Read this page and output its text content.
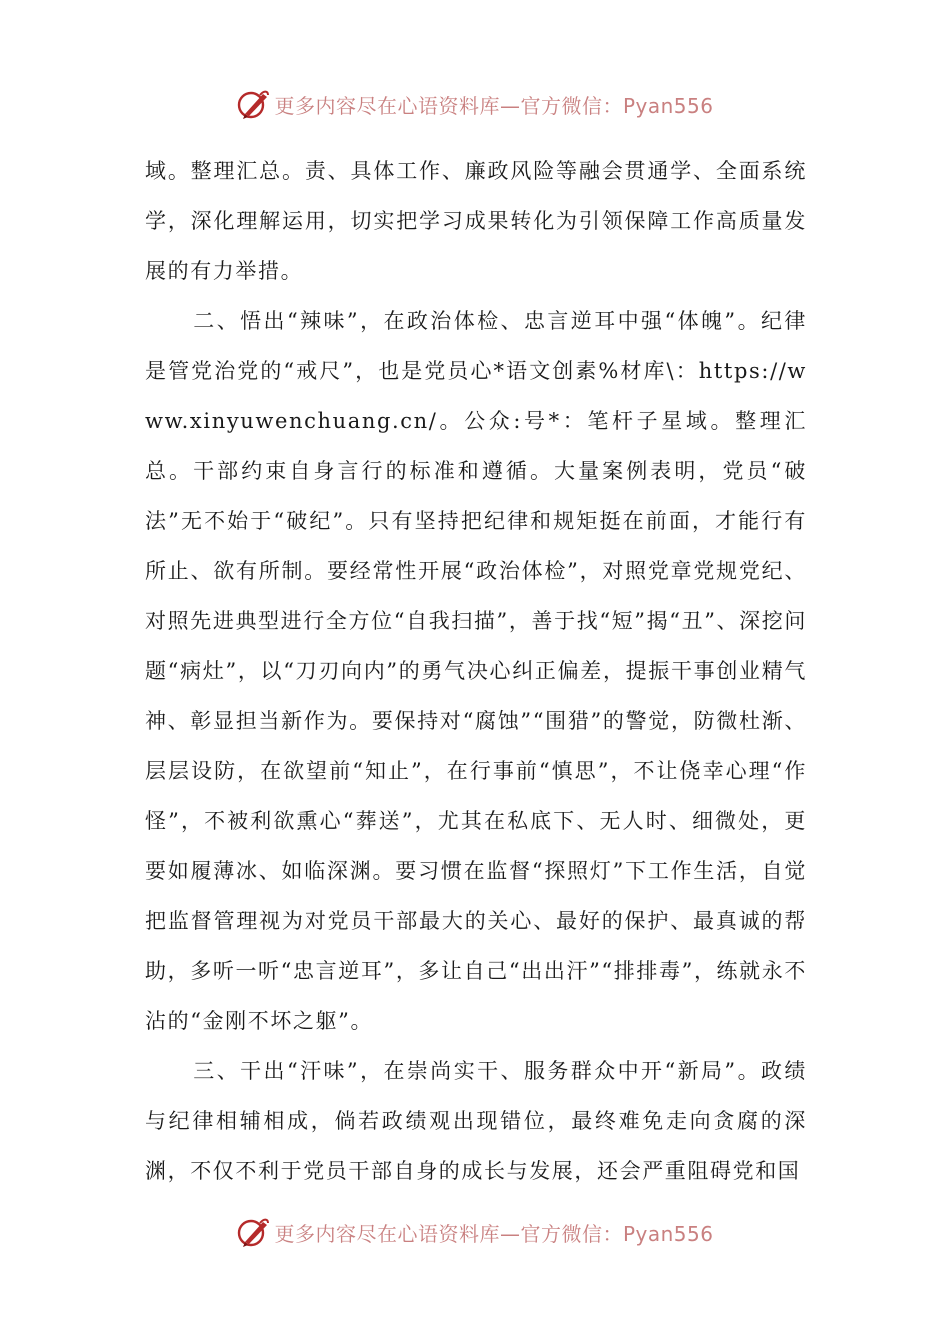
更多内容尽在心语资料库—官方微信：Pyan556

域。整理汇总。责、具体工作、廉政风险等融会贯通学、全面系统学，深化理解运用，切实把学习成果转化为引领保障工作高质量发展的有力举措。

二、悟出“辣味”，在政治体检、忠言逆耳中强“体魄”。纪律是管党治党的“戒尺”，也是党员心*语文创素%材库\：https://www.xinyuwenchuang.cn/。公众:号*：笔杆子星域。整理汇总。干部约束自身言行的标准和遵循。大量案例表明，党员“破法”无不始于“破纪”。只有坚持把纪律和规矩挺在前面，才能行有所止、欲有所制。要经常性开展“政治体检”，对照党章党规党纪、对照先进典型进行全方位“自我扫描”，善于找“短”揭“丑”、深挖问题“病灶”，以“刀刃向内”的勇气决心纠正偏差，提振干事创业精气神、彰显担当新作为。要保持对“腐蚀”“围猎”的警觉，防微杜渐、层层设防，在欲望前“知止”，在行事前“慎思”，不让侥幸心理“作怪”，不被利欲熏心“葬送”，尤其在私底下、无人时、细微处，更要如履薄冰、如临深渊。要习惯在监督“探照灯”下工作生活，自觉把监督管理视为对党员干部最大的关心、最好的保护、最真诚的帮助，多听一听“忠言逆耳”，多让自己“出出汗”“排排毒”，练就永不沾的“金刚不坏之躯”。

三、干出“汗味”，在崇尚实干、服务群众中开“新局”。政绩与纪律相辅相成，倘若政绩观出现错位，最终难免走向贪腐的深渊，不仅不利于党员干部自身的成长与发展，还会严重阻碍党和国

更多内容尽在心语资料库—官方微信：Pyan556
